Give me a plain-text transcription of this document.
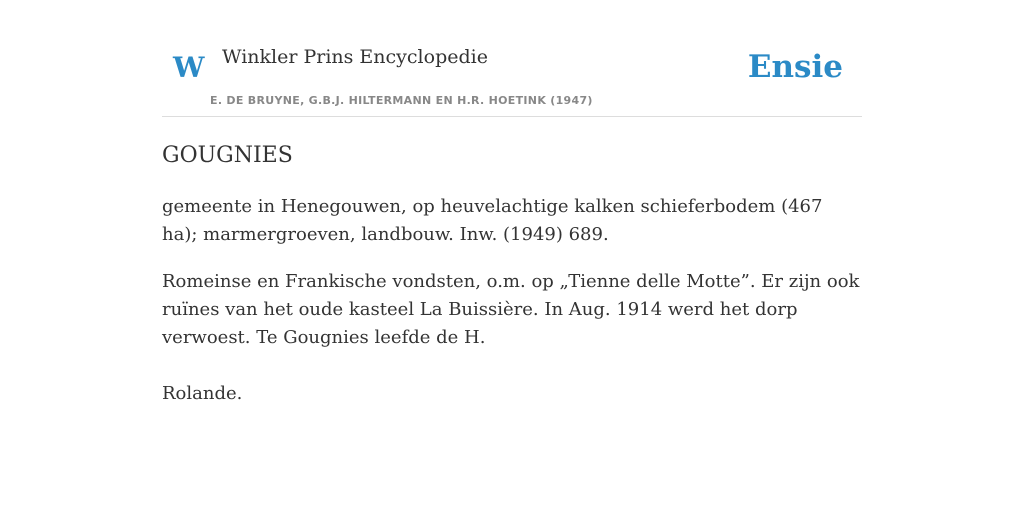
W Winkler Prins Encyclopedie	Ensie
E. DE BRUYNE, G.B.J. HILTERMANN EN H.R. HOETINK (1947)
GOUGNIES

gemeente in Henegouwen, op heuvelachtige kalken schieferbodem (467 ha); marmergroeven, landbouw. Inw. (1949) 689.

Romeinse en Frankische vondsten, o.m. op „Tienne delle Motte”. Er zijn ook ruïnes van het oude kasteel La Buissière. In Aug. 1914 werd het dorp verwoest. Te Gougnies leefde de H.

Rolande.
